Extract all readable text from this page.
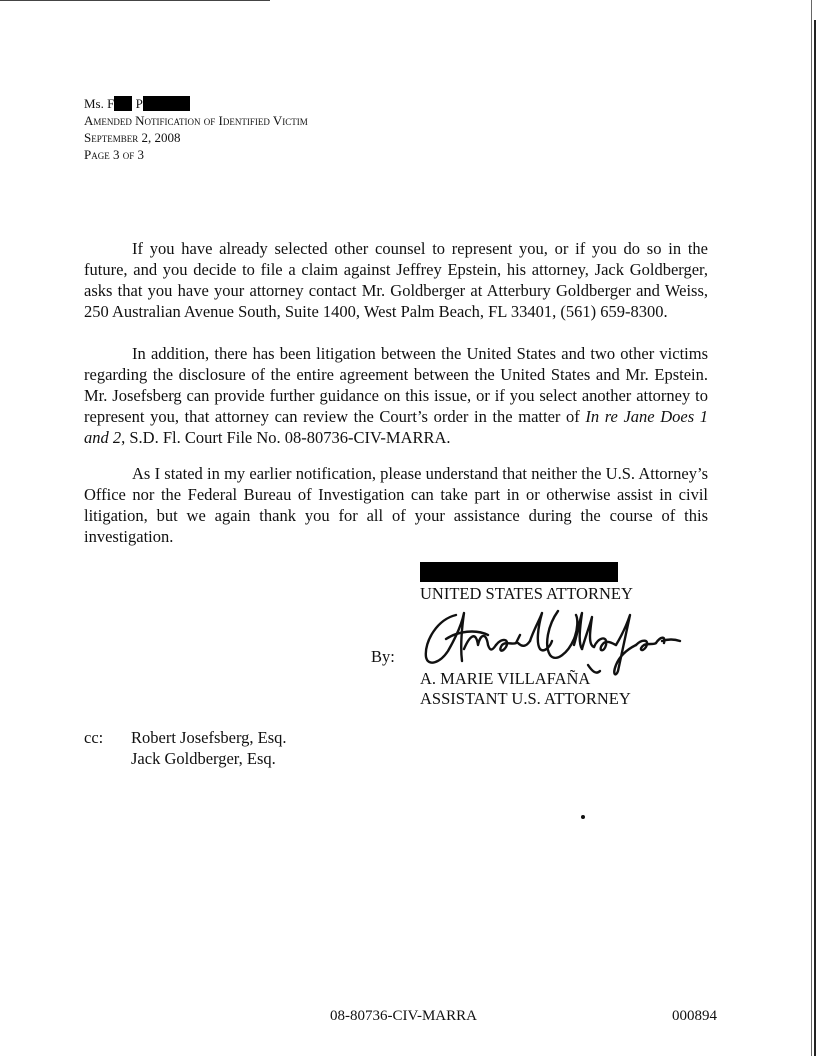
Ms. F P
Amended Notification of Identified Victim
September 2, 2008
Page 3 of 3

If you have already selected other counsel to represent you, or if you do so in the future, and you decide to file a claim against Jeffrey Epstein, his attorney, Jack Goldberger, asks that you have your attorney contact Mr. Goldberger at Atterbury Goldberger and Weiss, 250 Australian Avenue South, Suite 1400, West Palm Beach, FL 33401, (561) 659-8300.

In addition, there has been litigation between the United States and two other victims regarding the disclosure of the entire agreement between the United States and Mr. Epstein. Mr. Josefsberg can provide further guidance on this issue, or if you select another attorney to represent you, that attorney can review the Court’s order in the matter of In re Jane Does 1 and 2, S.D. Fl. Court File No. 08-80736-CIV-MARRA.

As I stated in my earlier notification, please understand that neither the U.S. Attorney’s Office nor the Federal Bureau of Investigation can take part in or otherwise assist in civil litigation, but we again thank you for all of your assistance during the course of this investigation.

UNITED STATES ATTORNEY
By:
A. MARIE VILLAFAÑA
ASSISTANT U.S. ATTORNEY
cc: Robert Josefsberg, Esq.
Jack Goldberger, Esq.
08-80736-CIV-MARRA	000894
